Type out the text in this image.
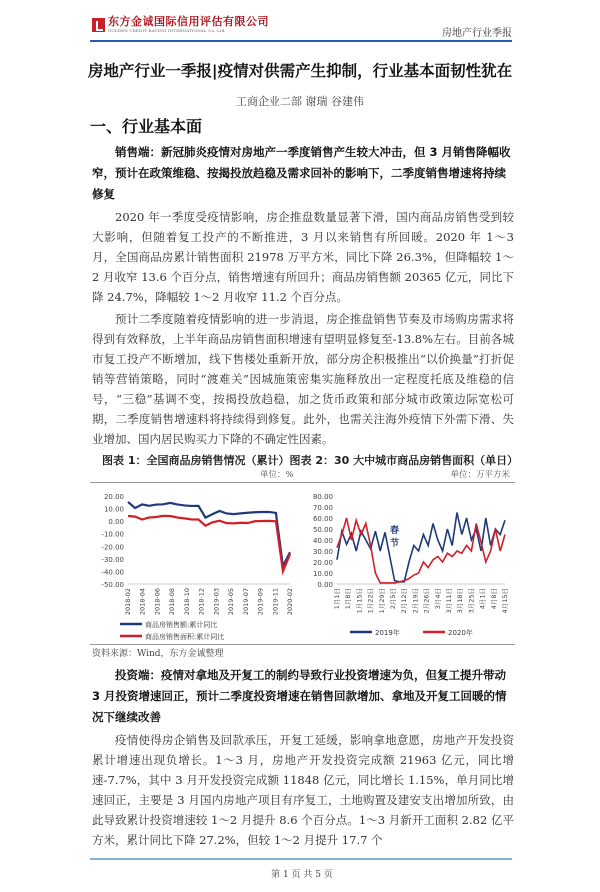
东方金诚国际信用评估有限公司
GOLDEN CREDIT RATING INTERNATIONAL Co.,Ltd.	房地产行业季报
房地产行业一季报|疫情对供需产生抑制，行业基本面韧性犹在
工商企业二部 谢瑞 谷建伟
一、行业基本面
销售端：新冠肺炎疫情对房地产一季度销售产生较大冲击，但 3 月销售降幅收窄，预计在政策维稳、按揭投放趋稳及需求回补的影响下，二季度销售增速将持续修复
2020 年一季度受疫情影响，房企推盘数量显著下滑，国内商品房销售受到较大影响，但随着复工投产的不断推进，3 月以来销售有所回暖。2020 年 1～3 月，全国商品房累计销售面积 21978 万平方米，同比下降 26.3%，但降幅较 1～2 月收窄 13.6 个百分点，销售增速有所回升；商品房销售额 20365 亿元，同比下降 24.7%，降幅较 1～2 月收窄 11.2 个百分点。
预计二季度随着疫情影响的进一步消退，房企推盘销售节奏及市场购房需求将得到有效释放，上半年商品房销售面积增速有望明显修复至-13.8%左右。目前各城市复工投产不断增加，线下售楼处重新开放，部分房企积极推出“以价换量”打折促销等营销策略，同时“渡难关”因城施策密集实施释放出一定程度托底及维稳的信号，“三稳”基调不变，按揭投放趋稳，加之货币政策和部分城市政策边际宽松可期，二季度销售增速料将持续得到修复。此外，也需关注海外疫情下外需下滑、失业增加、国内居民购买力下降的不确定性因素。
图表 1：全国商品房销售情况（累计） 图表 2：30 大中城市商品房销售面积（单日）
单位：%	单位：万平方米
20.00
10.00
0.00
-10.00
-20.00
-30.00
-40.00
-50.00
2018-02 2018-04 2018-06 2018-08 2018-10 2018-12 2019-03 2019-05 2019-07 2019-09 2019-11 2020-02
商品房销售额:累计同比
商品房销售面积:累计同比
80.00
70.00
60.00
50.00
40.00
30.00
20.00
10.00
0.00
1月1日 1月8日 1月15日 1月22日 1月29日 2月5日 2月12日 2月19日 2月26日 3月4日 3月11日 3月18日 3月25日 4月1日 4月8日 4月15日
2019年	2020年
春
节
资料来源：Wind，东方金诚整理
投资端：疫情对拿地及开复工的制约导致行业投资增速为负，但复工提升带动 3 月投资增速回正，预计二季度投资增速在销售回款增加、拿地及开复工回暖的情况下继续改善
疫情使得房企销售及回款承压，开复工延缓，影响拿地意愿，房地产开发投资累计增速出现负增长。1～3 月，房地产开发投资完成额 21963 亿元，同比增速-7.7%，其中 3 月开发投资完成额 11848 亿元，同比增长 1.15%，单月同比增速回正，主要是 3 月国内房地产项目有序复工，土地购置及建安支出增加所致，由此导致累计投资增速较 1～2 月提升 8.6 个百分点。1～3 月新开工面积 2.82 亿平方米，累计同比下降 27.2%，但较 1～2 月提升 17.7 个
第 1 页 共 5 页
